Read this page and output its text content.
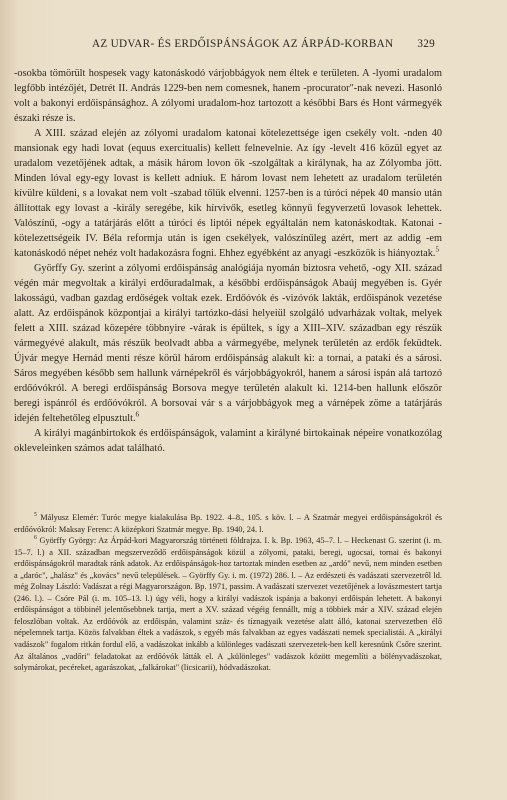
AZ UDVAR- ÉS ERDŐISPÁNSÁGOK AZ ÁRPÁD-KORBAN 329

-osokba tömörült hospesek vagy katonáskodó várjobbágyok nem éltek e területen. A -lyomi uradalom legfőbb intézőjét, Detrét II. András 1229-ben nem comesnek, hanem -procurator"-nak nevezi. Hasonló volt a bakonyi erdőispánsághoz. A zólyomi uradalom-hoz tartozott a későbbi Bars és Hont vármegyék északi része is.

A XIII. század elején az zólyomi uradalom katonai kötelezettsége igen csekély volt. -nden 40 mansionak egy hadi lovat (equus exercitualis) kellett felnevelnie. Az így -levelt 416 közül egyet az uradalom vezetőjének adtak, a másik három lovon ök -szolgáltak a királynak, ha az Zólyomba jött. Minden lóval egy-egy lovast is kellett adniuk. E három lovast nem lehetett az uradalom területén kívülre küldeni, s a lovakat nem volt -szabad tőlük elvenni. 1257-ben is a túróci népek 40 mansio után állítottak egy lovast a -király seregébe, kik hírvivők, esetleg könnyű fegyverzetű lovasok lehettek. Valószínű, -ogy a tatárjárás előtt a túróci és liptói népek egyáltalán nem katonáskodtak. Katonai -kötelezettségeik IV. Béla reformja után is igen csekélyek, valószínűleg azért, mert az addig -em katonáskodó népet nehéz volt hadakozásra fogni. Ehhez egyébként az anyagi -eszközök is hiányoztak.$^5$

Györffy Gy. szerint a zólyomi erdőispánság analógiája nyomán biztosra vehető, -ogy XII. század végén már megvoltak a királyi erdőuradalmak, a későbbi erdőispánságok Abaúj megyében is. Gyér lakosságú, vadban gazdag erdőségek voltak ezek. Erdőóvók és -vizóvók lakták, erdőispánok vezetése alatt. Az erdőispánok központjai a királyi tartózko-dási helyeiül szolgáló udvarházak voltak, melyek felett a XIII. század közepére többnyire -várak is épültek, s így a XIII–XIV. században egy részük vármegyévé alakult, más részük beolvadt abba a vármegyébe, melynek területén az erdők feküdtek. Újvár megye Hernád menti része körül három erdőispánság alakult ki: a tornai, a pataki és a sárosi. Sáros megyében később sem hallunk várnépekről és várjobbágyokról, hanem a sárosi ispán alá tartozó erdőóvókról. A beregi erdőispánság Borsova megye területén alakult ki. 1214-ben hallunk először beregi ispánról és erdőóvókról. A borsovai vár s a várjobbágyok meg a várnépek zöme a tatárjárás idején feltehetőleg elpusztult.$^6$

A királyi magánbirtokok és erdőispánságok, valamint a királyné birtokainak népeire vonatkozólag okleveleinken számos adat található.

$^5$ Mályusz Elemér: Turóc megye kialakulása Bp. 1922. 4–8., 105. s köv. l. – A Szatmár megyei erdőispánságokról és erdőóvókról: Maksay Ferenc: A középkori Szatmár megye. Bp. 1940, 24. l.

$^6$ Györffy György: Az Árpád-kori Magyarország történeti földrajza. I. k. Bp. 1963, 45–7. l. – Heckenast G. szerint (i. m. 15–7. l.) a XII. században megszerveződő erdőispánságok közül a zólyomi, pataki, beregi, ugocsai, tornai és bakonyi erdőispánságokról maradtak ránk adatok. Az erdőispánságok-hoz tartoztak minden esetben az „ardó" nevű, nem minden esetben a „daróc", „halász" és „kovács" nevű települések. – Györffy Gy. i. m. (1972) 286. l. – Az erdészeti és vadászati szervezetről ld. még Zolnay László: Vadászat a régi Magyarországon. Bp. 1971, passim. A vadászati szervezet vezetőjének a lovászmestert tartja (246. l.). – Csóre Pál (i. m. 105–13. l.) úgy véli, hogy a királyi vadászok ispánja a bakonyi erdőispán lehetett. A bakonyi erdőispánságot a többinél jelentősebbnek tartja, mert a XV. század végéig fennállt, míg a többiek már a XIV. század elején feloszlóban voltak. Az erdőóvók az erdőispán, valamint száz- és tíznagyaik vezetése alatt álló, katonai szervezetben élő népelemnek tartja. Közös falvakban éltek a vadászok, s egyéb más falvakban az egyes vadászati nemek specialistái. A „királyi vadászok" fogalom ritkán fordul elő, a vadászokat inkább a különleges vadászati szervezetek-ben kell keresnünk Csőre szerint. Az általános „vadőri" feladatokat az erdőóvók látták el. A „különleges" vadászok között megemlíti a bölényvadászokat, solymárokat, pecéreket, agarászokat, „falkárokat" (licsicarii), hódvadászokat.
